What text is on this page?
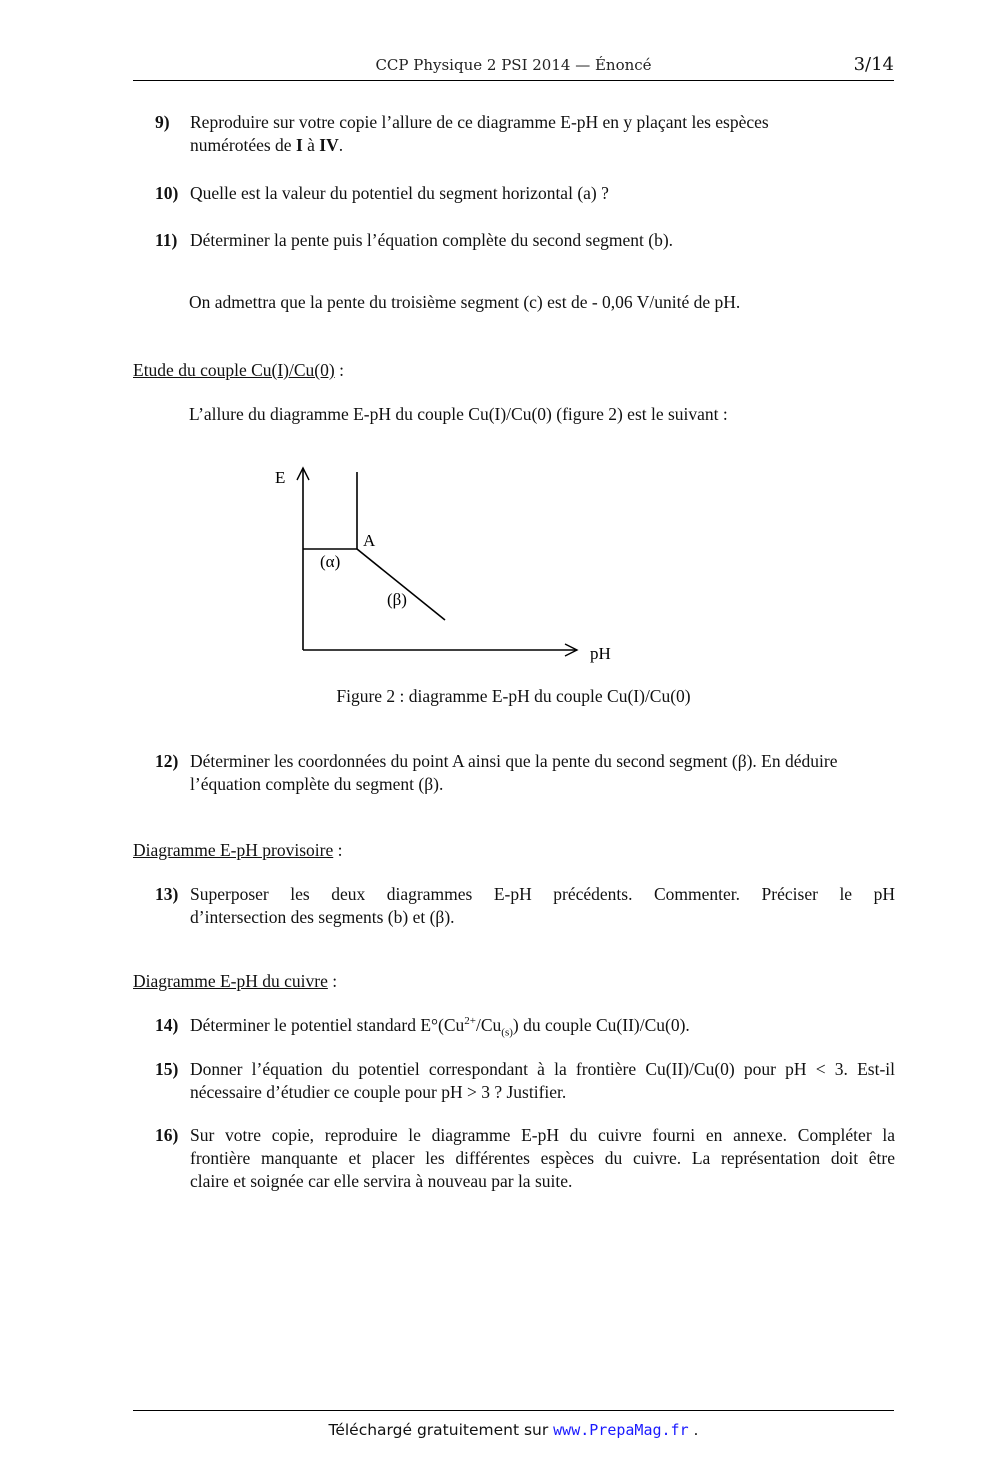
CCP Physique 2 PSI 2014 — Énoncé	3/14
9) Reproduire sur votre copie l’allure de ce diagramme E-pH en y plaçant les espèces
numérotées de I à IV.
10) Quelle est la valeur du potentiel du segment horizontal (a) ?
11) Déterminer la pente puis l’équation complète du second segment (b).
On admettra que la pente du troisième segment (c) est de - 0,06 V/unité de pH.
Etude du couple Cu(I)/Cu(0) :
L’allure du diagramme E-pH du couple Cu(I)/Cu(0) (figure 2) est le suivant :
E
pH
A
(α)
(β)
Figure 2 : diagramme E-pH du couple Cu(I)/Cu(0)
12) Déterminer les coordonnées du point A ainsi que la pente du second segment (β). En déduire
l’équation complète du segment (β).
Diagramme E-pH provisoire :
13) Superposer les deux diagrammes E-pH précédents. Commenter. Préciser le pH
d’intersection des segments (b) et (β).
Diagramme E-pH du cuivre :
14) Déterminer le potentiel standard $E^\circ(Cu^{2+}/Cu_{(s)})$ du couple Cu(II)/Cu(0).
15) Donner l’équation du potentiel correspondant à la frontière Cu(II)/Cu(0) pour pH < 3. Est-il
nécessaire d’étudier ce couple pour pH > 3 ? Justifier.
16) Sur votre copie, reproduire le diagramme E-pH du cuivre fourni en annexe. Compléter la
frontière manquante et placer les différentes espèces du cuivre. La représentation doit être
claire et soignée car elle servira à nouveau par la suite.
Téléchargé gratuitement sur www.PrepaMag.fr .
